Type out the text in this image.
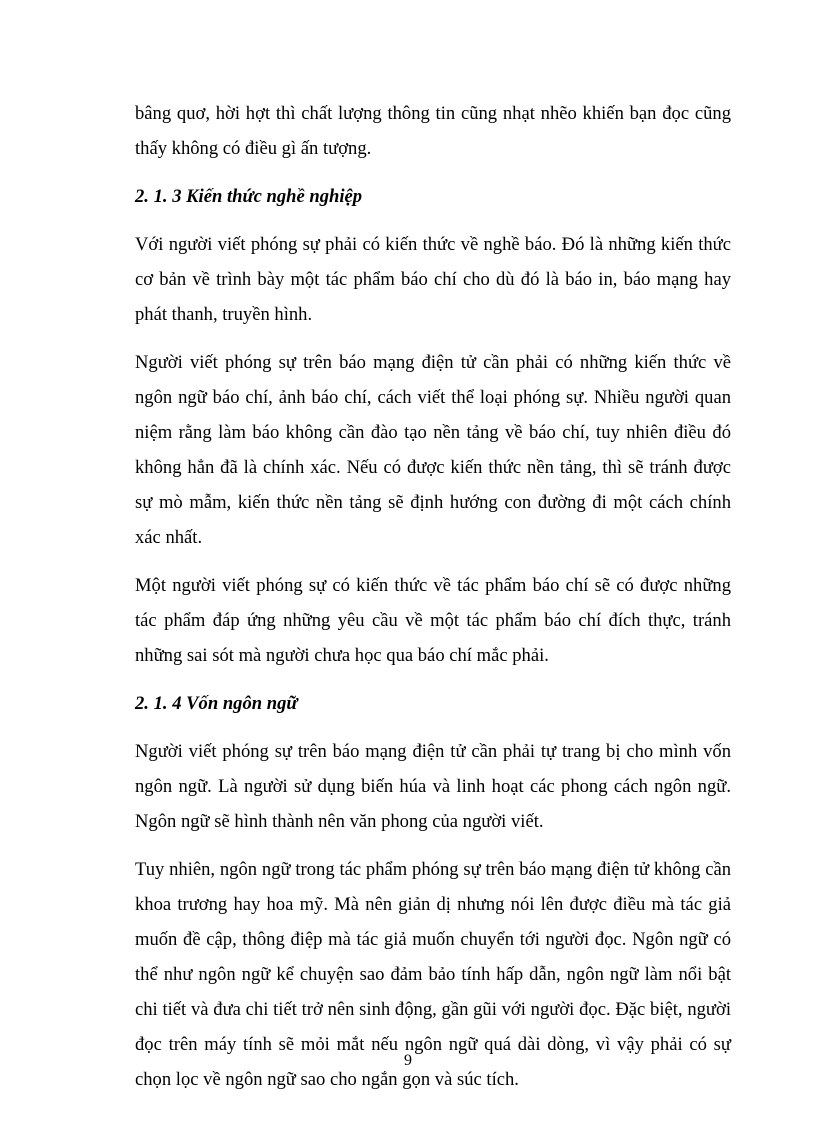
bâng quơ, hời hợt thì chất lượng thông tin cũng nhạt nhẽo khiến bạn đọc cũng thấy không có điều gì ấn tượng.

2. 1. 3 Kiến thức nghề nghiệp

Với người viết phóng sự phải có kiến thức về nghề báo. Đó là những kiến thức cơ bản về trình bày một tác phẩm báo chí cho dù đó là báo in, báo mạng hay phát thanh, truyền hình.

Người viết phóng sự trên báo mạng điện tử cần phải có những kiến thức về ngôn ngữ báo chí, ảnh báo chí, cách viết thể loại phóng sự. Nhiều người quan niệm rằng làm báo không cần đào tạo nền tảng về báo chí, tuy nhiên điều đó không hẳn đã là chính xác. Nếu có được kiến thức nền tảng, thì sẽ tránh được sự mò mẫm, kiến thức nền tảng sẽ định hướng con đường đi một cách chính xác nhất.

Một người viết phóng sự có kiến thức về tác phẩm báo chí sẽ có được những tác phẩm đáp ứng những yêu cầu về một tác phẩm báo chí đích thực, tránh những sai sót mà người chưa học qua báo chí mắc phải.

2. 1. 4 Vốn ngôn ngữ

Người viết phóng sự trên báo mạng điện tử cần phải tự trang bị cho mình vốn ngôn ngữ. Là người sử dụng biến húa và linh hoạt các phong cách ngôn ngữ. Ngôn ngữ sẽ hình thành nên văn phong của người viết.

Tuy nhiên, ngôn ngữ trong tác phẩm phóng sự trên báo mạng điện tử không cần khoa trương hay hoa mỹ. Mà nên giản dị nhưng nói lên được điều mà tác giả muốn đề cập, thông điệp mà tác giả muốn chuyển tới người đọc. Ngôn ngữ có thể như ngôn ngữ kể chuyện sao đảm bảo tính hấp dẫn, ngôn ngữ làm nổi bật chi tiết và đưa chi tiết trở nên sinh động, gần gũi với người đọc. Đặc biệt, người đọc trên máy tính sẽ mỏi mắt nếu ngôn ngữ quá dài dòng, vì vậy phải có sự chọn lọc về ngôn ngữ sao cho ngắn gọn và súc tích.

9
